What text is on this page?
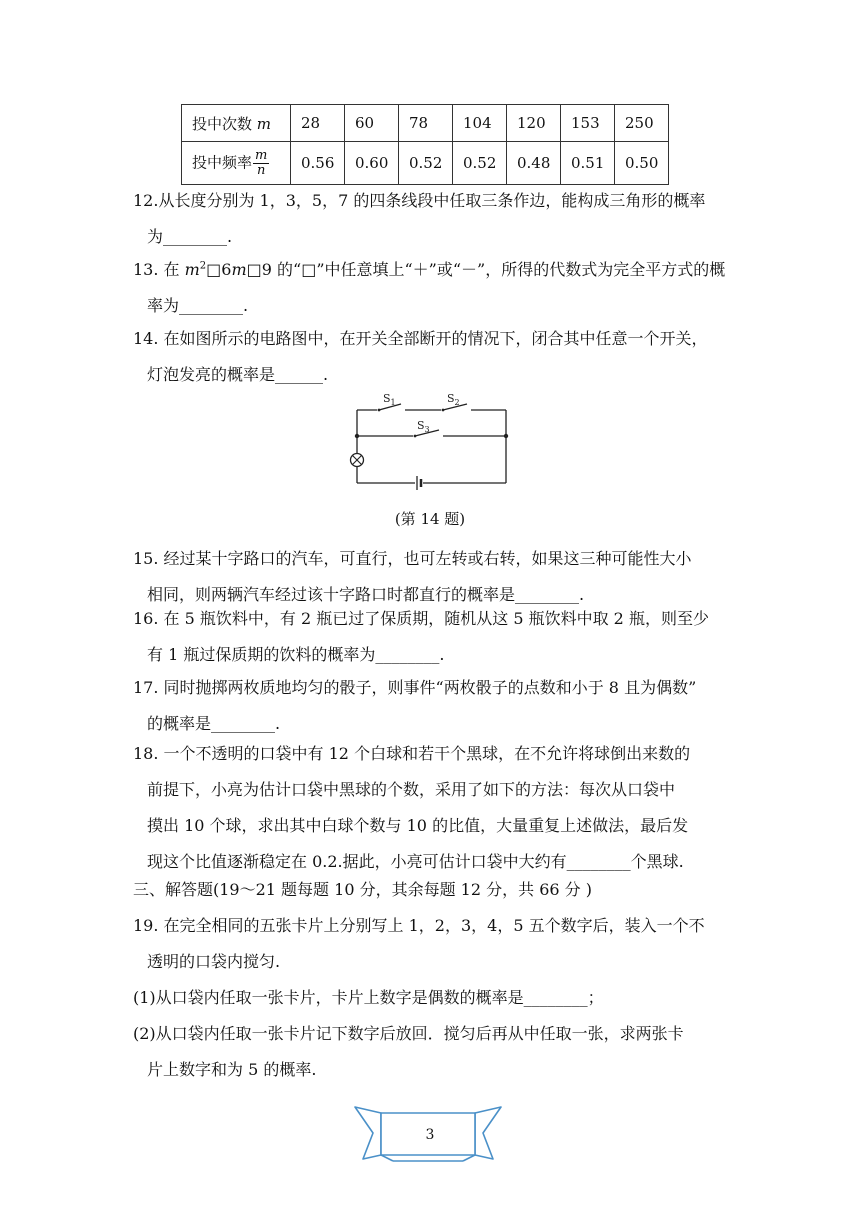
投中次数 m	28	60	78	104	120	153	250
投中频率 $\frac{m}{n}$	0.56	0.60	0.52	0.52	0.48	0.51	0.50
12.从长度分别为 1，3，5，7 的四条线段中任取三条作边，能构成三角形的概率
为________.
13. 在 $m^2□6m□9$ 的“□”中任意填上“＋”或“－”，所得的代数式为完全平方式的概
率为________.
14. 在如图所示的电路图中，在开关全部断开的情况下，闭合其中任意一个开关，
灯泡发亮的概率是______.
$S_1$	$S_2$
$S_3$
(第 14 题)
15. 经过某十字路口的汽车，可直行，也可左转或右转，如果这三种可能性大小
相同，则两辆汽车经过该十字路口时都直行的概率是________.
16. 在 5 瓶饮料中，有 2 瓶已过了保质期，随机从这 5 瓶饮料中取 2 瓶，则至少
有 1 瓶过保质期的饮料的概率为________.
17. 同时抛掷两枚质地均匀的骰子，则事件“两枚骰子的点数和小于 8 且为偶数”
的概率是________.
18. 一个不透明的口袋中有 12 个白球和若干个黑球，在不允许将球倒出来数的
前提下，小亮为估计口袋中黑球的个数，采用了如下的方法：每次从口袋中
摸出 10 个球，求出其中白球个数与 10 的比值，大量重复上述做法，最后发
现这个比值逐渐稳定在 0.2.据此，小亮可估计口袋中大约有________个黑球.
三、解答题(19～21 题每题 10 分，其余每题 12 分，共 66 分 )
19. 在完全相同的五张卡片上分别写上 1，2，3，4，5 五个数字后，装入一个不
透明的口袋内搅匀.
(1)从口袋内任取一张卡片，卡片上数字是偶数的概率是________；
(2)从口袋内任取一张卡片记下数字后放回．搅匀后再从中任取一张，求两张卡
片上数字和为 5 的概率.
3
